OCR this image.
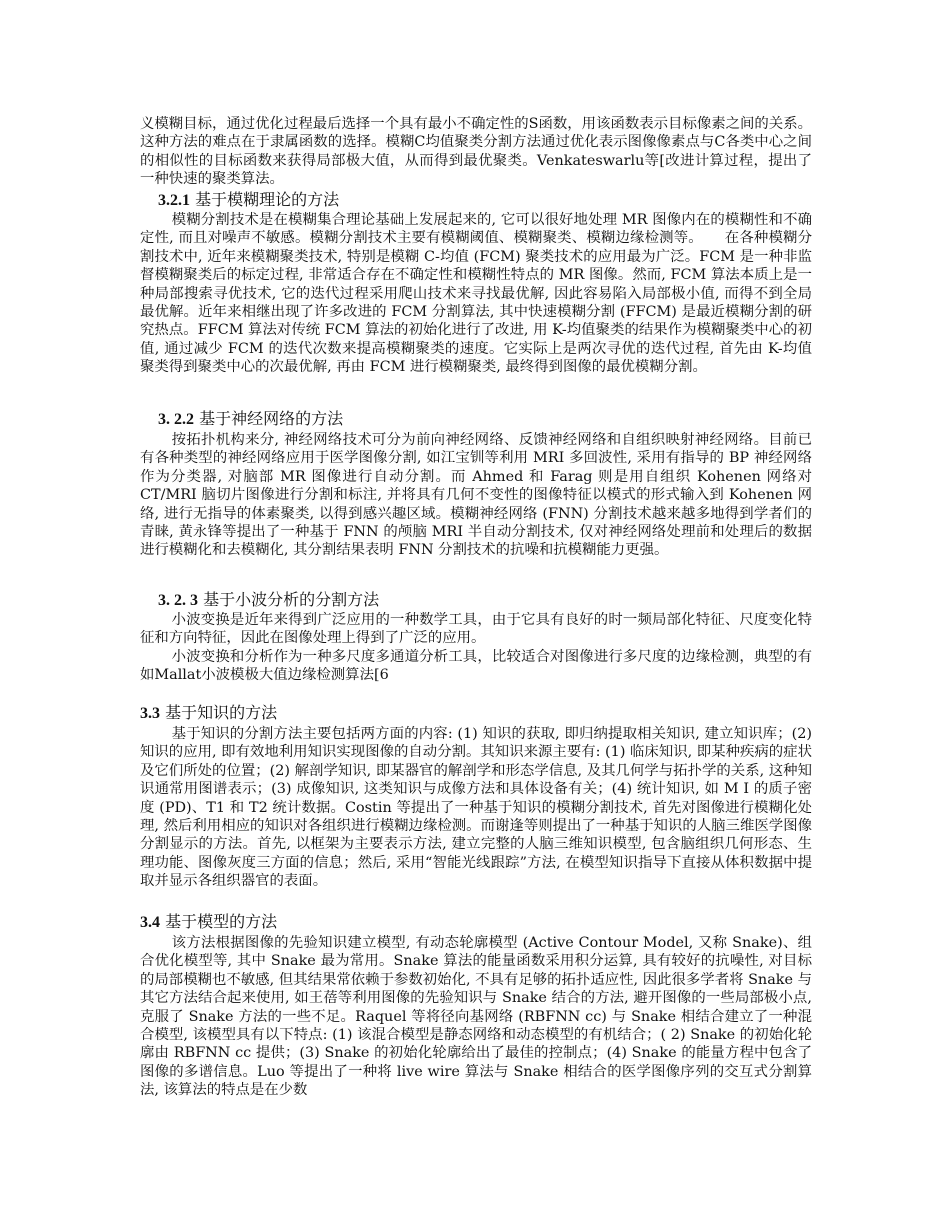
义模糊目标，通过优化过程最后选择一个具有最小不确定性的S函数，用该函数表示目标像素之间的关系。这种方法的难点在于隶属函数的选择。模糊C均值聚类分割方法通过优化表示图像像素点与C各类中心之间的相似性的目标函数来获得局部极大值，从而得到最优聚类。Venkateswarlu等[改进计算过程，提出了一种快速的聚类算法。

3.2.1 基于模糊理论的方法

模糊分割技术是在模糊集合理论基础上发展起来的, 它可以很好地处理 MR 图像内在的模糊性和不确定性, 而且对噪声不敏感。模糊分割技术主要有模糊阈值、模糊聚类、模糊边缘检测等。　　在各种模糊分割技术中, 近年来模糊聚类技术, 特别是模糊 C-均值 (FCM) 聚类技术的应用最为广泛。FCM 是一种非监督模糊聚类后的标定过程, 非常适合存在不确定性和模糊性特点的 MR 图像。然而, FCM 算法本质上是一种局部搜索寻优技术, 它的迭代过程采用爬山技术来寻找最优解, 因此容易陷入局部极小值, 而得不到全局最优解。近年来相继出现了许多改进的 FCM 分割算法, 其中快速模糊分割 (FFCM) 是最近模糊分割的研究热点。FFCM 算法对传统 FCM 算法的初始化进行了改进, 用 K-均值聚类的结果作为模糊聚类中心的初值, 通过减少 FCM 的迭代次数来提高模糊聚类的速度。它实际上是两次寻优的迭代过程, 首先由 K-均值聚类得到聚类中心的次最优解, 再由 FCM 进行模糊聚类, 最终得到图像的最优模糊分割。

3. 2.2 基于神经网络的方法

按拓扑机构来分, 神经网络技术可分为前向神经网络、反馈神经网络和自组织映射神经网络。目前已有各种类型的神经网络应用于医学图像分割, 如江宝钏等利用 MRI 多回波性, 采用有指导的 BP 神经网络作为分类器, 对脑部 MR 图像进行自动分割。而 Ahmed 和 Farag 则是用自组织 Kohenen 网络对 CT/MRI 脑切片图像进行分割和标注, 并将具有几何不变性的图像特征以模式的形式输入到 Kohenen 网络, 进行无指导的体素聚类, 以得到感兴趣区域。模糊神经网络 (FNN) 分割技术越来越多地得到学者们的青睐, 黄永锋等提出了一种基于 FNN 的颅脑 MRI 半自动分割技术, 仅对神经网络处理前和处理后的数据进行模糊化和去模糊化, 其分割结果表明 FNN 分割技术的抗噪和抗模糊能力更强。

3. 2. 3 基于小波分析的分割方法

小波变换是近年来得到广泛应用的一种数学工具，由于它具有良好的时一频局部化特征、尺度变化特征和方向特征，因此在图像处理上得到了广泛的应用。

小波变换和分析作为一种多尺度多通道分析工具，比较适合对图像进行多尺度的边缘检测，典型的有如Mallat小波模极大值边缘检测算法[6

3.3 基于知识的方法

基于知识的分割方法主要包括两方面的内容: (1) 知识的获取, 即归纳提取相关知识, 建立知识库；(2) 知识的应用, 即有效地利用知识实现图像的自动分割。其知识来源主要有: (1) 临床知识, 即某种疾病的症状及它们所处的位置；(2) 解剖学知识, 即某器官的解剖学和形态学信息, 及其几何学与拓扑学的关系, 这种知识通常用图谱表示；(3) 成像知识, 这类知识与成像方法和具体设备有关；(4) 统计知识, 如 M I 的质子密度 (PD)、T1 和 T2 统计数据。Costin 等提出了一种基于知识的模糊分割技术, 首先对图像进行模糊化处理, 然后利用相应的知识对各组织进行模糊边缘检测。而谢逢等则提出了一种基于知识的人脑三维医学图像分割显示的方法。首先, 以框架为主要表示方法, 建立完整的人脑三维知识模型, 包含脑组织几何形态、生理功能、图像灰度三方面的信息；然后, 采用“智能光线跟踪”方法, 在模型知识指导下直接从体积数据中提取并显示各组织器官的表面。

3.4 基于模型的方法

该方法根据图像的先验知识建立模型, 有动态轮廓模型 (Active Contour Model, 又称 Snake)、组合优化模型等, 其中 Snake 最为常用。Snake 算法的能量函数采用积分运算, 具有较好的抗噪性, 对目标的局部模糊也不敏感, 但其结果常依赖于参数初始化, 不具有足够的拓扑适应性, 因此很多学者将 Snake 与其它方法结合起来使用, 如王蓓等利用图像的先验知识与 Snake 结合的方法, 避开图像的一些局部极小点, 克服了 Snake 方法的一些不足。Raquel 等将径向基网络 (RBFNN cc) 与 Snake 相结合建立了一种混合模型, 该模型具有以下特点: (1) 该混合模型是静态网络和动态模型的有机结合；( 2) Snake 的初始化轮廓由 RBFNN cc 提供；(3) Snake 的初始化轮廓给出了最佳的控制点；(4) Snake 的能量方程中包含了图像的多谱信息。Luo 等提出了一种将 live wire 算法与 Snake 相结合的医学图像序列的交互式分割算法, 该算法的特点是在少数
